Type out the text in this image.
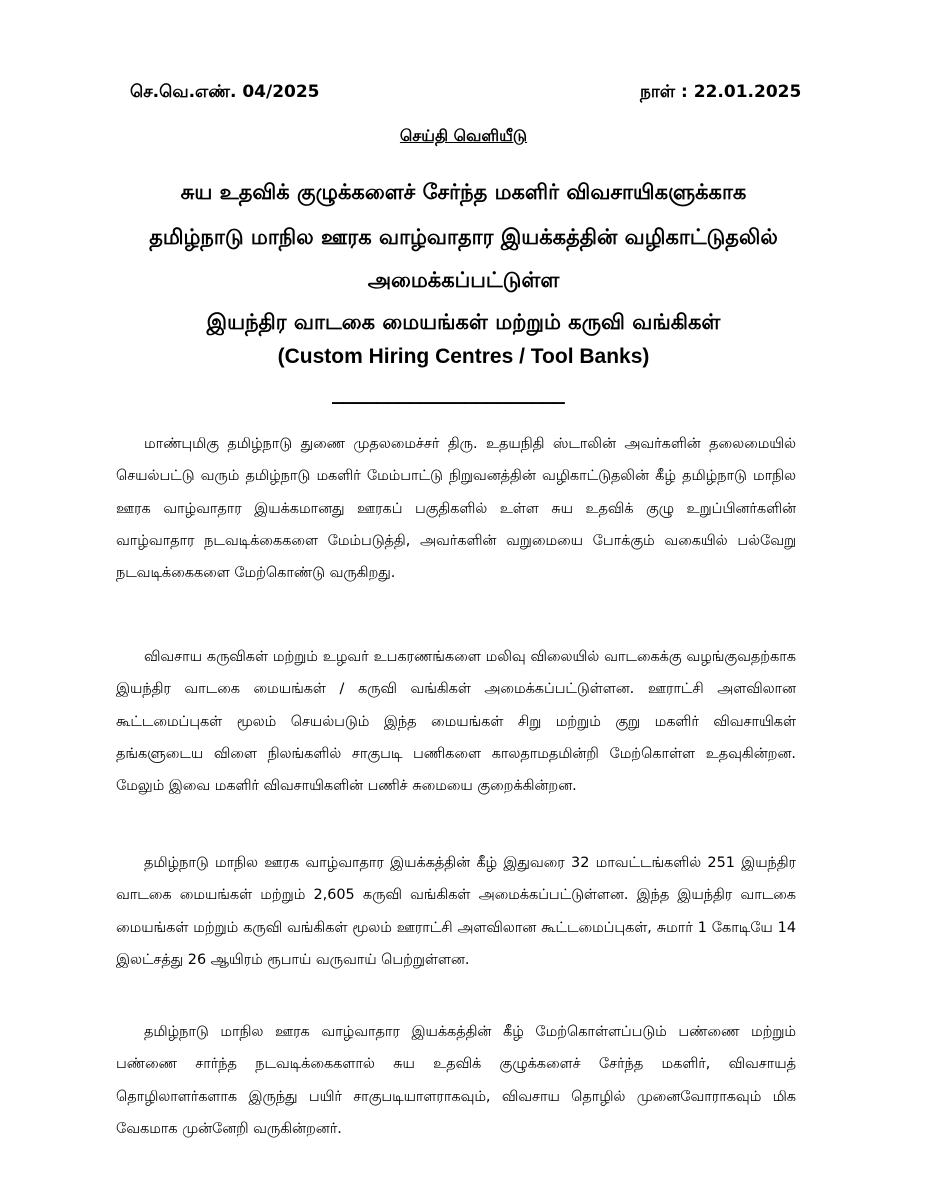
செ.வெ.எண். 04/2025	நாள் : 22.01.2025
செய்தி வெளியீடு
சுய உதவிக் குழுக்களைச் சேர்ந்த மகளிர் விவசாயிகளுக்காக
தமிழ்நாடு மாநில ஊரக வாழ்வாதார இயக்கத்தின் வழிகாட்டுதலில்
அமைக்கப்பட்டுள்ள
இயந்திர வாடகை மையங்கள் மற்றும் கருவி வங்கிகள்
(Custom Hiring Centres / Tool Banks)
_____________________

மாண்புமிகு தமிழ்நாடு துணை முதலமைச்சர் திரு. உதயநிதி ஸ்டாலின் அவர்களின் தலைமையில் செயல்பட்டு வரும் தமிழ்நாடு மகளிர் மேம்பாட்டு நிறுவனத்தின் வழிகாட்டுதலின் கீழ் தமிழ்நாடு மாநில ஊரக வாழ்வாதார இயக்கமானது ஊரகப் பகுதிகளில் உள்ள சுய உதவிக் குழு உறுப்பினர்களின் வாழ்வாதார நடவடிக்கைகளை மேம்படுத்தி, அவர்களின் வறுமையை போக்கும் வகையில் பல்வேறு நடவடிக்கைகளை மேற்கொண்டு வருகிறது.

விவசாய கருவிகள் மற்றும் உழவர் உபகரணங்களை மலிவு விலையில் வாடகைக்கு வழங்குவதற்காக இயந்திர வாடகை மையங்கள் / கருவி வங்கிகள் அமைக்கப்பட்டுள்ளன. ஊராட்சி அளவிலான கூட்டமைப்புகள் மூலம் செயல்படும் இந்த மையங்கள் சிறு மற்றும் குறு மகளிர் விவசாயிகள் தங்களுடைய விளை நிலங்களில் சாகுபடி பணிகளை காலதாமதமின்றி மேற்கொள்ள உதவுகின்றன. மேலும் இவை மகளிர் விவசாயிகளின் பணிச் சுமையை குறைக்கின்றன.

தமிழ்நாடு மாநில ஊரக வாழ்வாதார இயக்கத்தின் கீழ் இதுவரை 32 மாவட்டங்களில் 251 இயந்திர வாடகை மையங்கள் மற்றும் 2,605 கருவி வங்கிகள் அமைக்கப்பட்டுள்ளன. இந்த இயந்திர வாடகை மையங்கள் மற்றும் கருவி வங்கிகள் மூலம் ஊராட்சி அளவிலான கூட்டமைப்புகள், சுமார் 1 கோடியே 14 இலட்சத்து 26 ஆயிரம் ரூபாய் வருவாய் பெற்றுள்ளன.

தமிழ்நாடு மாநில ஊரக வாழ்வாதார இயக்கத்தின் கீழ் மேற்கொள்ளப்படும் பண்ணை மற்றும் பண்ணை சார்ந்த நடவடிக்கைகளால் சுய உதவிக் குழுக்களைச் சேர்ந்த மகளிர், விவசாயத் தொழிலாளர்களாக இருந்து பயிர் சாகுபடியாளராகவும், விவசாய தொழில் முனைவோராகவும் மிக வேகமாக முன்னேறி வருகின்றனர்.
